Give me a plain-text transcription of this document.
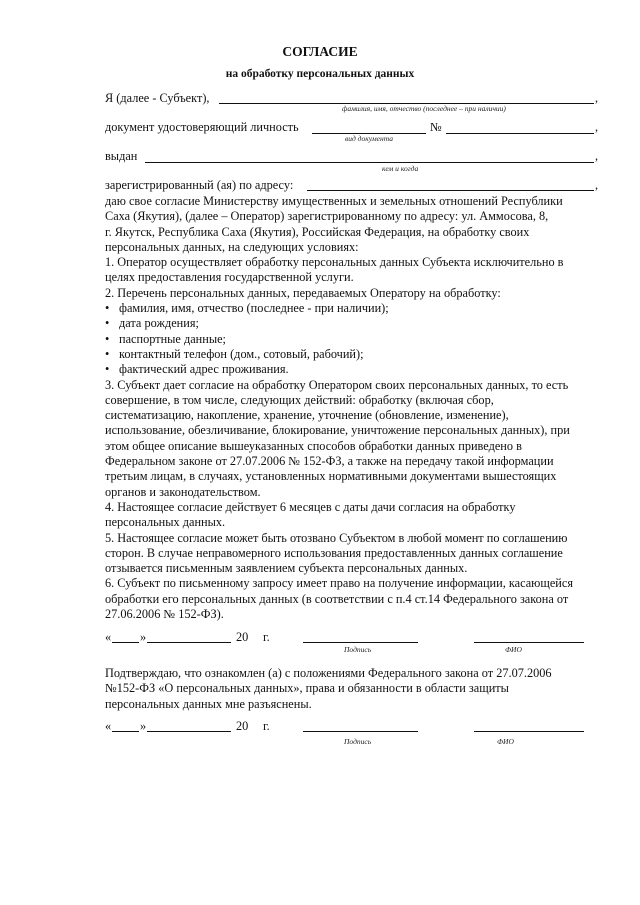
СОГЛАСИЕ
на обработку персональных данных
Я (далее - Субъект),	,
фамилия, имя, отчество (последнее – при наличии)
документ удостоверяющий личность	№	,
вид документа
выдан	,
кем и когда
зарегистрированный (ая) по адресу:	,
даю свое согласие Министерству имущественных и земельных отношений Республики
Саха (Якутия), (далее – Оператор) зарегистрированному по адресу: ул. Аммосова, 8,
г. Якутск, Республика Саха (Якутия), Российская Федерация, на обработку своих
персональных данных, на следующих условиях:
1. Оператор осуществляет обработку персональных данных Субъекта исключительно в
целях предоставления государственной услуги.
2. Перечень персональных данных, передаваемых Оператору на обработку:
• фамилия, имя, отчество (последнее - при наличии);
• дата рождения;
• паспортные данные;
• контактный телефон (дом., сотовый, рабочий);
• фактический адрес проживания.
3. Субъект дает согласие на обработку Оператором своих персональных данных, то есть
совершение, в том числе, следующих действий: обработку (включая сбор,
систематизацию, накопление, хранение, уточнение (обновление, изменение),
использование, обезличивание, блокирование, уничтожение персональных данных), при
этом общее описание вышеуказанных способов обработки данных приведено в
Федеральном законе от 27.07.2006 № 152-ФЗ, а также на передачу такой информации
третьим лицам, в случаях, установленных нормативными документами вышестоящих
органов и законодательством.
4. Настоящее согласие действует 6 месяцев с даты дачи согласия на обработку
персональных данных.
5. Настоящее согласие может быть отозвано Субъектом в любой момент по соглашению
сторон. В случае неправомерного использования предоставленных данных соглашение
отзывается письменным заявлением субъекта персональных данных.
6. Субъект по письменному запросу имеет право на получение информации, касающейся
обработки его персональных данных (в соответствии с п.4 ст.14 Федерального закона от
27.06.2006 № 152-ФЗ).
« »	20 г.
Подпись	ФИО
Подтверждаю, что ознакомлен (а) с положениями Федерального закона от 27.07.2006
№152-ФЗ «О персональных данных», права и обязанности в области защиты
персональных данных мне разъяснены.
« »	20 г.
Подпись	ФИО
